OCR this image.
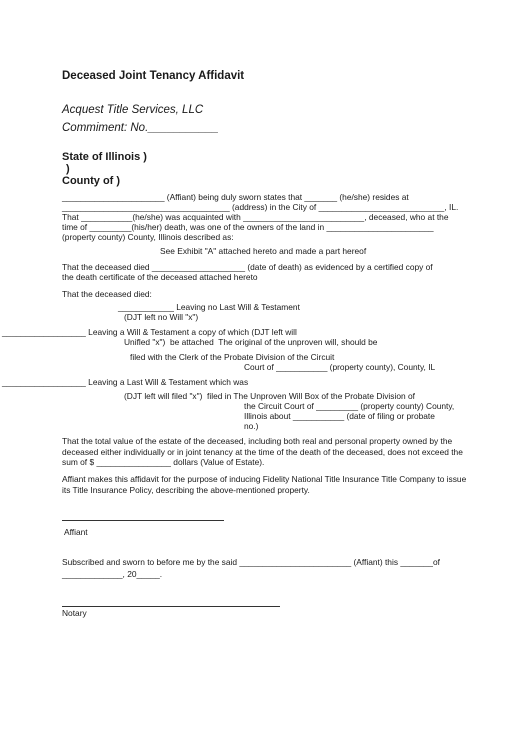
Deceased Joint Tenancy Affidavit
Acquest Title Services, LLC
Commiment: No.___________
State of Illinois )
)
County of )
______________________ (Affiant) being duly sworn states that _______ (he/she) resides at
____________________________________ (address) in the City of ___________________________, IL.
That ___________(he/she) was acquainted with __________________________, deceased, who at the
time of _________(his/her) death, was one of the owners of the land in _______________________
(property county) County, Illinois described as:
See Exhibit "A" attached hereto and made a part hereof
That the deceased died ____________________ (date of death) as evidenced by a certified copy of
the death certificate of the deceased attached hereto
That the deceased died:
____________ Leaving no Last Will & Testament
(DJT left no Will "x")
__________________ Leaving a Will & Testament a copy of which (DJT left will
Unifled "x")  be attached  The original of the unproven will, should be
filed with the Clerk of the Probate Division of the Circuit
Court of ___________ (property county), County, IL
__________________ Leaving a Last Will & Testament which was
(DJT left will filed "x")  filed in The Unproven Will Box of the Probate Division of
the Circuit Court of _________ (property county) County,
Illinois about ___________ (date of filing or probate
no.)
That the total value of the estate of the deceased, including both real and personal property owned by the deceased either individually or in joint tenancy at the time of the death of the deceased, does not exceed the sum of $ ________________ dollars (Value of Estate).
Affiant makes this affidavit for the purpose of inducing Fidelity National Title Insurance Title Company to issue its Title Insurance Policy, describing the above-mentioned property.
Affiant
Subscribed and sworn to before me by the said ________________________ (Affiant) this _______of
_____________, 20_____.
Notary
